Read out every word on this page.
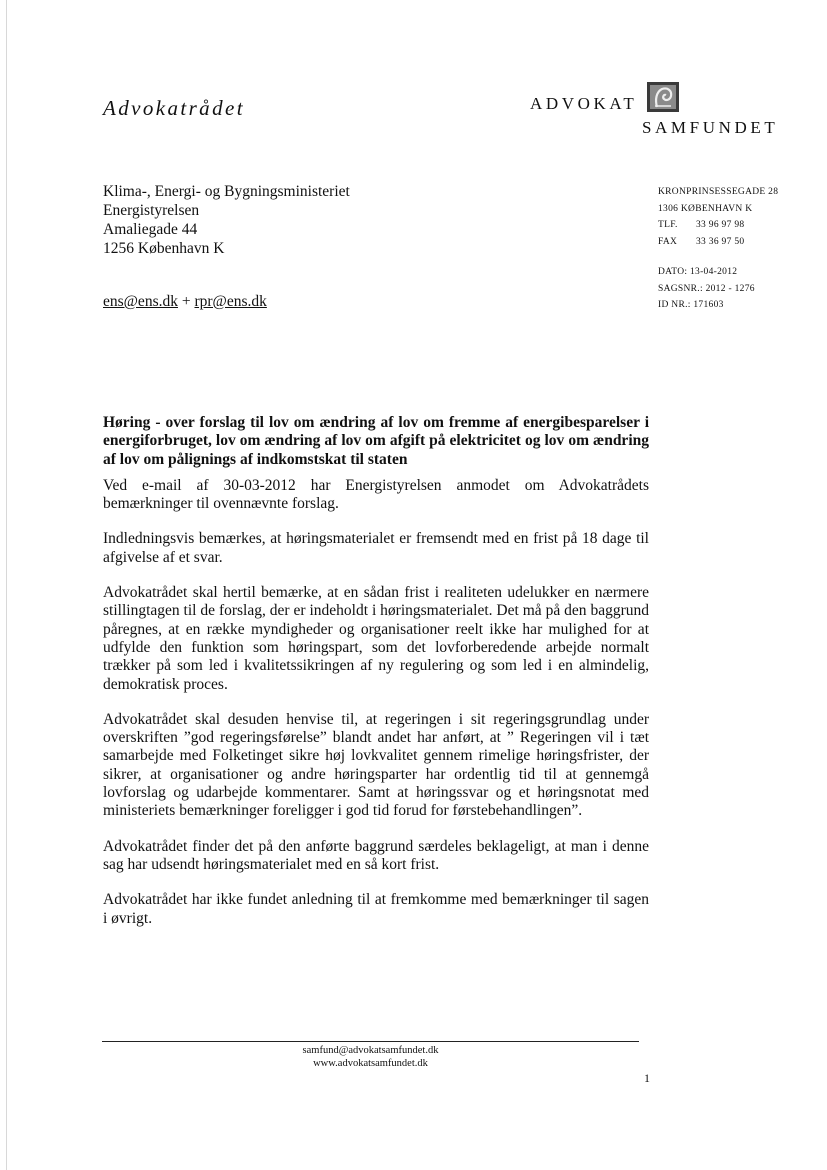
Advokatrådet	ADVOKAT
SAMFUNDET
Klima-, Energi- og Bygningsministeriet
Energistyrelsen
Amaliegade 44
1256 København K
ens@ens.dk + rpr@ens.dk
KRONPRINSESSEGADE 28
1306 KØBENHAVN K
TLF. 33 96 97 98
FAX 33 36 97 50
DATO: 13-04-2012
SAGSNR.: 2012 - 1276
ID NR.: 171603

Høring - over forslag til lov om ændring af lov om fremme af energibesparelser i energiforbruget, lov om ændring af lov om afgift på elektricitet og lov om ændring af lov om pålignings af indkomstskat til staten

Ved e-mail af 30-03-2012 har Energistyrelsen anmodet om Advokatrådets bemærkninger til ovennævnte forslag.

Indledningsvis bemærkes, at høringsmaterialet er fremsendt med en frist på 18 dage til afgivelse af et svar.

Advokatrådet skal hertil bemærke, at en sådan frist i realiteten udelukker en nærmere stillingtagen til de forslag, der er indeholdt i høringsmaterialet. Det må på den baggrund påregnes, at en række myndigheder og organisationer reelt ikke har mulighed for at udfylde den funktion som høringspart, som det lovforberedende arbejde normalt trækker på som led i kvalitetssikringen af ny regulering og som led i en almindelig, demokratisk proces.

Advokatrådet skal desuden henvise til, at regeringen i sit regeringsgrundlag under overskriften ”god regeringsførelse” blandt andet har anført, at ” Regeringen vil i tæt samarbejde med Folketinget sikre høj lovkvalitet gennem rimelige høringsfrister, der sikrer, at organisationer og andre høringsparter har ordentlig tid til at gennemgå lovforslag og udarbejde kommentarer. Samt at høringssvar og et høringsnotat med ministeriets bemærkninger foreligger i god tid forud for førstebehandlingen”.

Advokatrådet finder det på den anførte baggrund særdeles beklageligt, at man i denne sag har udsendt høringsmaterialet med en så kort frist.

Advokatrådet har ikke fundet anledning til at fremkomme med bemærkninger til sagen i øvrigt.

samfund@advokatsamfundet.dk
www.advokatsamfundet.dk
1
